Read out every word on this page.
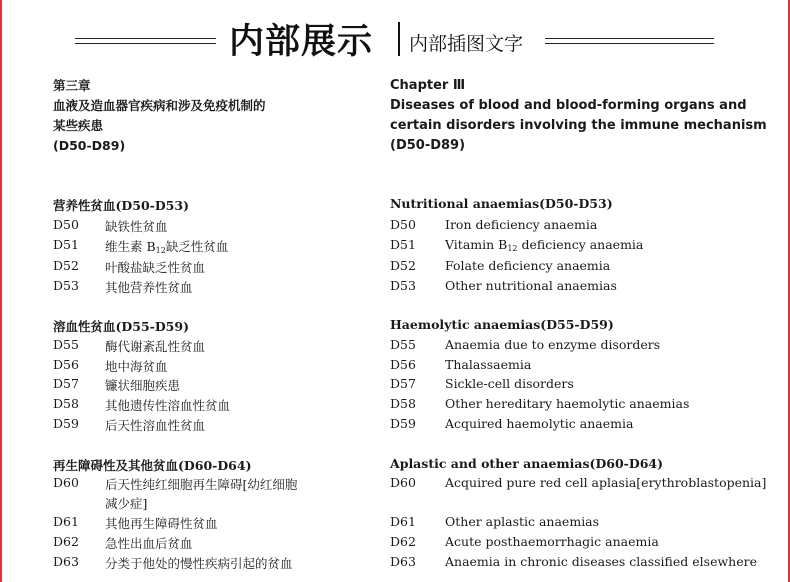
内部展示 内部插图文字
第三章
血液及造血器官疾病和涉及免疫机制的
某些疾患
(D50-D89)
营养性贫血(D50-D53)
D50 缺铁性贫血
D51 维生素 $B_{12}$缺乏性贫血
D52 叶酸盐缺乏性贫血
D53 其他营养性贫血
溶血性贫血(D55-D59)
D55 酶代谢紊乱性贫血
D56 地中海贫血
D57 镰状细胞疾患
D58 其他遗传性溶血性贫血
D59 后天性溶血性贫血
再生障碍性及其他贫血(D60-D64)
D60 后天性纯红细胞再生障碍[幼红细胞
减少症]
D61 其他再生障碍性贫血
D62 急性出血后贫血
D63 分类于他处的慢性疾病引起的贫血
Chapter Ⅲ
Diseases of blood and blood-forming organs and
certain disorders involving the immune mechanism
(D50-D89)
Nutritional anaemias(D50-D53)
D50 Iron deficiency anaemia
D51 Vitamin $B_{12}$ deficiency anaemia
D52 Folate deficiency anaemia
D53 Other nutritional anaemias
Haemolytic anaemias(D55-D59)
D55 Anaemia due to enzyme disorders
D56 Thalassaemia
D57 Sickle-cell disorders
D58 Other hereditary haemolytic anaemias
D59 Acquired haemolytic anaemia
Aplastic and other anaemias(D60-D64)
D60 Acquired pure red cell aplasia[erythroblastopenia]
D61 Other aplastic anaemias
D62 Acute posthaemorrhagic anaemia
D63 Anaemia in chronic diseases classified elsewhere
